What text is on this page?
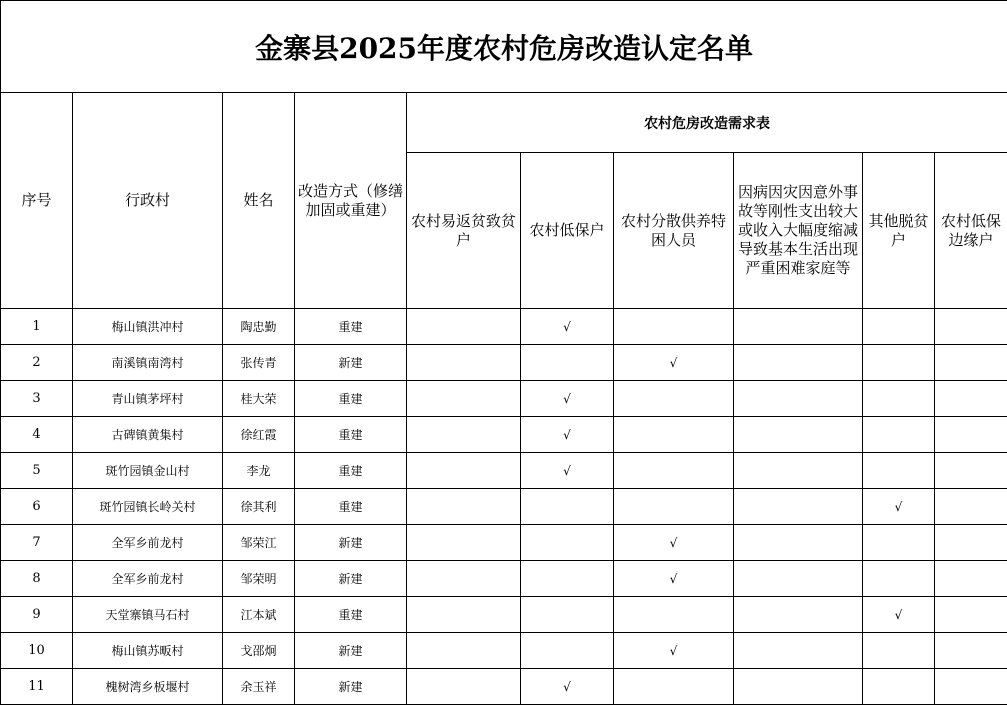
金寨县2025年度农村危房改造认定名单									
序号	行政村	姓名	改造方式（修缮加固或重建）	农村危房改造需求表					
				农村易返贫致贫户	农村低保户	农村分散供养特困人员	因病因灾因意外事故等刚性支出较大或收入大幅度缩减导致基本生活出现严重困难家庭等	其他脱贫户	农村低保边缘户
1	梅山镇洪冲村	陶忠勤	重建		√				
2	南溪镇南湾村	张传青	新建			√			
3	青山镇茅坪村	桂大荣	重建		√				
4	古碑镇黄集村	徐红霞	重建		√				
5	斑竹园镇金山村	李龙	重建		√				
6	斑竹园镇长岭关村	徐其利	重建					√	
7	全军乡前龙村	邹荣江	新建			√			
8	全军乡前龙村	邹荣明	新建			√			
9	天堂寨镇马石村	江本斌	重建					√	
10	梅山镇苏畈村	戈邵炯	新建			√			
11	槐树湾乡板堰村	余玉祥	新建		√				
